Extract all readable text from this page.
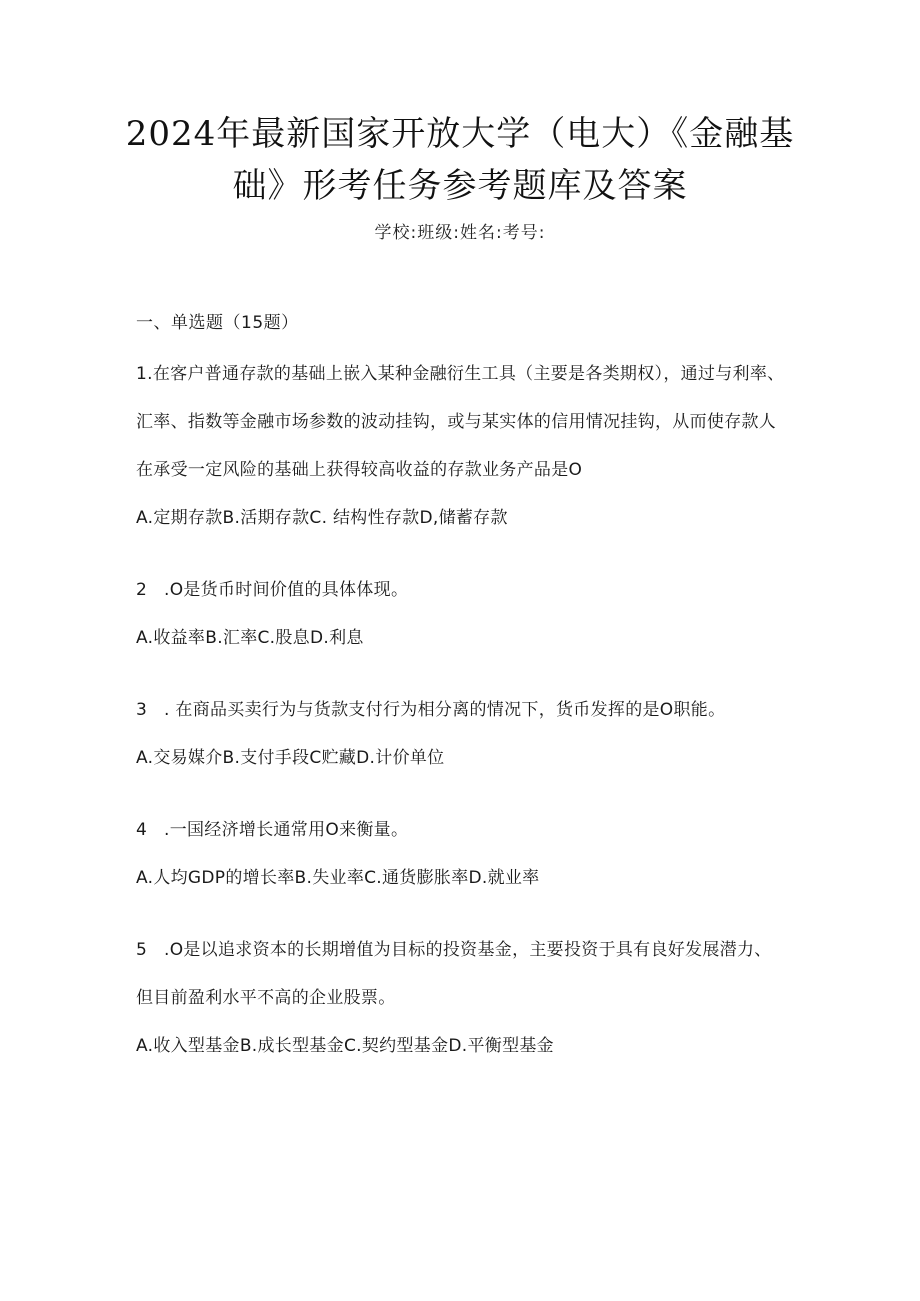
2024年最新国家开放大学（电大）《金融基
础》形考任务参考题库及答案
学校:班级:姓名:考号:
一、单选题（15题）

1.在客户普通存款的基础上嵌入某种金融衍生工具（主要是各类期权），通过与利率、汇率、指数等金融市场参数的波动挂钩，或与某实体的信用情况挂钩，从而使存款人在承受一定风险的基础上获得较高收益的存款业务产品是O

A.定期存款B.活期存款C. 结构性存款D,储蓄存款

2 .O是货币时间价值的具体体现。

A.收益率B.汇率C.股息D.利息

3 . 在商品买卖行为与货款支付行为相分离的情况下，货币发挥的是O职能。

A.交易媒介B.支付手段C贮藏D.计价单位

4 .一国经济增长通常用O来衡量。

A.人均GDP的增长率B.失业率C.通货膨胀率D.就业率

5 .O是以追求资本的长期增值为目标的投资基金，主要投资于具有良好发展潜力、但目前盈利水平不高的企业股票。

A.收入型基金B.成长型基金C.契约型基金D.平衡型基金
